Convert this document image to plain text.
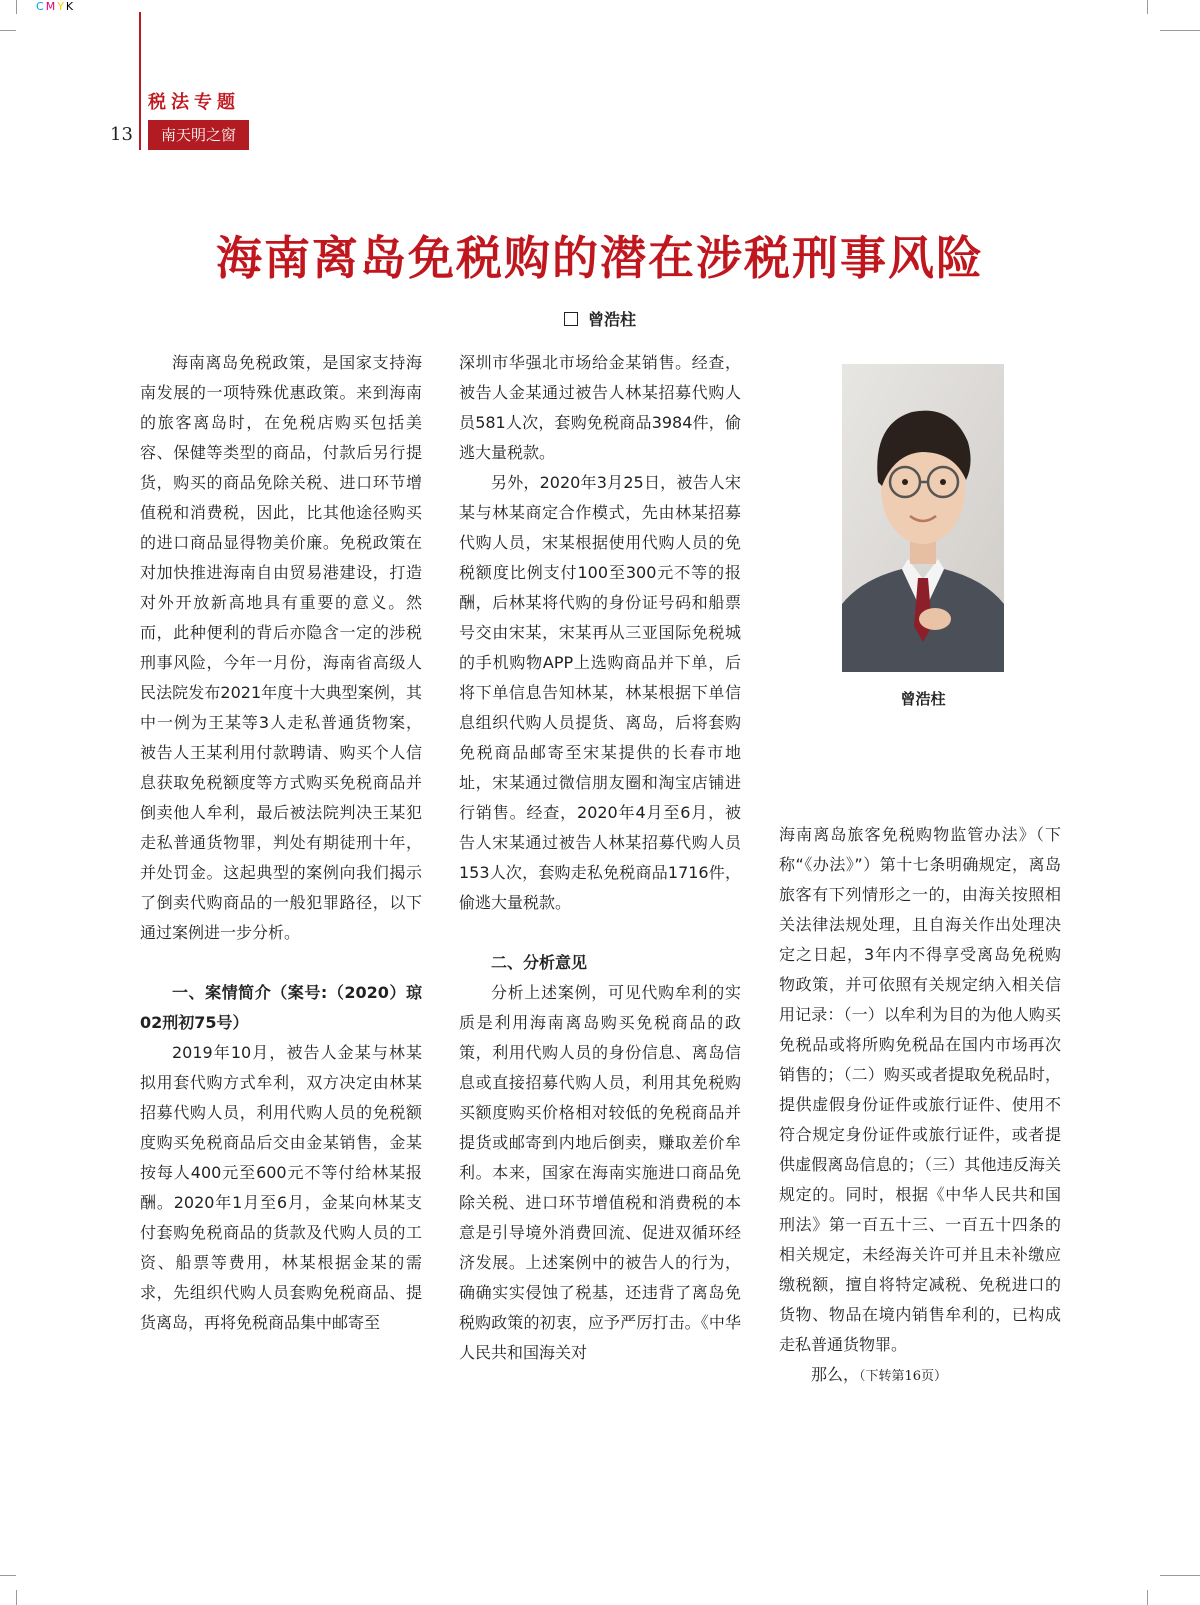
CMYK
税法专题
13	南天明之窗
海南离岛免税购的潜在涉税刑事风险
曾浩柱

海南离岛免税政策，是国家支持海南发展的一项特殊优惠政策。来到海南的旅客离岛时，在免税店购买包括美容、保健等类型的商品，付款后另行提货，购买的商品免除关税、进口环节增值税和消费税，因此，比其他途径购买的进口商品显得物美价廉。免税政策在对加快推进海南自由贸易港建设，打造对外开放新高地具有重要的意义。然而，此种便利的背后亦隐含一定的涉税刑事风险，今年一月份，海南省高级人民法院发布2021年度十大典型案例，其中一例为王某等3人走私普通货物案，被告人王某利用付款聘请、购买个人信息获取免税额度等方式购买免税商品并倒卖他人牟利，最后被法院判决王某犯走私普通货物罪，判处有期徒刑十年，并处罚金。这起典型的案例向我们揭示了倒卖代购商品的一般犯罪路径，以下通过案例进一步分析。

一、案情简介（案号:（2020）琼02刑初75号）

2019年10月，被告人金某与林某拟用套代购方式牟利，双方决定由林某招募代购人员，利用代购人员的免税额度购买免税商品后交由金某销售，金某按每人400元至600元不等付给林某报酬。2020年1月至6月，金某向林某支付套购免税商品的货款及代购人员的工资、船票等费用，林某根据金某的需求，先组织代购人员套购免税商品、提货离岛，再将免税商品集中邮寄至

深圳市华强北市场给金某销售。经查，被告人金某通过被告人林某招募代购人员581人次，套购免税商品3984件，偷逃大量税款。

另外，2020年3月25日，被告人宋某与林某商定合作模式，先由林某招募代购人员，宋某根据使用代购人员的免税额度比例支付100至300元不等的报酬，后林某将代购的身份证号码和船票号交由宋某，宋某再从三亚国际免税城的手机购物APP上选购商品并下单，后将下单信息告知林某，林某根据下单信息组织代购人员提货、离岛，后将套购免税商品邮寄至宋某提供的长春市地址，宋某通过微信朋友圈和淘宝店铺进行销售。经查，2020年4月至6月，被告人宋某通过被告人林某招募代购人员153人次，套购走私免税商品1716件，偷逃大量税款。

二、分析意见

分析上述案例，可见代购牟利的实质是利用海南离岛购买免税商品的政策，利用代购人员的身份信息、离岛信息或直接招募代购人员，利用其免税购买额度购买价格相对较低的免税商品并提货或邮寄到内地后倒卖，赚取差价牟利。本来，国家在海南实施进口商品免除关税、进口环节增值税和消费税的本意是引导境外消费回流、促进双循环经济发展。上述案例中的被告人的行为，确确实实侵蚀了税基，还违背了离岛免税购政策的初衷，应予严厉打击。《中华人民共和国海关对

曾浩柱

海南离岛旅客免税购物监管办法》（下称“《办法》”）第十七条明确规定，离岛旅客有下列情形之一的，由海关按照相关法律法规处理，且自海关作出处理决定之日起，3年内不得享受离岛免税购物政策，并可依照有关规定纳入相关信用记录：（一）以牟利为目的为他人购买免税品或将所购免税品在国内市场再次销售的；（二）购买或者提取免税品时，提供虚假身份证件或旅行证件、使用不符合规定身份证件或旅行证件，或者提供虚假离岛信息的；（三）其他违反海关规定的。同时，根据《中华人民共和国刑法》第一百五十三、一百五十四条的相关规定，未经海关许可并且未补缴应缴税额，擅自将特定减税、免税进口的货物、物品在境内销售牟利的，已构成走私普通货物罪。

那么，（下转第16页）
